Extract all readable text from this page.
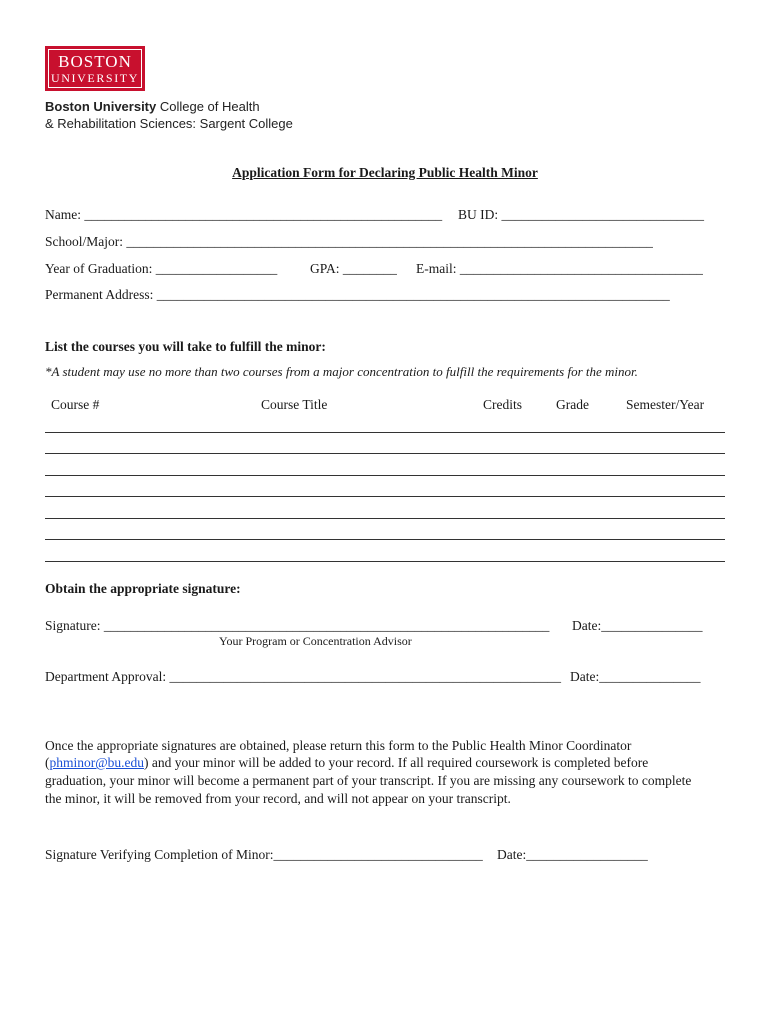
BOSTON
UNIVERSITY
Boston University College of Health
& Rehabilitation Sciences: Sargent College
Application Form for Declaring Public Health Minor
Name: _____________________________________________________ BU ID: ______________________________
School/Major: ______________________________________________________________________________
Year of Graduation: __________________ GPA: ________ E-mail: ____________________________________
Permanent Address: ____________________________________________________________________________
List the courses you will take to fulfill the minor:
*A student may use no more than two courses from a major concentration to fulfill the requirements for the minor.
Course #	Course Title	Credits	Grade	Semester/Year
Obtain the appropriate signature:
Signature: __________________________________________________________________ Date:_______________
Your Program or Concentration Advisor
Department Approval: __________________________________________________________ Date:_______________
Once the appropriate signatures are obtained, please return this form to the Public Health Minor Coordinator
(phminor@bu.edu) and your minor will be added to your record. If all required coursework is completed before
graduation, your minor will become a permanent part of your transcript. If you are missing any coursework to complete
the minor, it will be removed from your record, and will not appear on your transcript.
Signature Verifying Completion of Minor:_______________________________ Date:__________________
